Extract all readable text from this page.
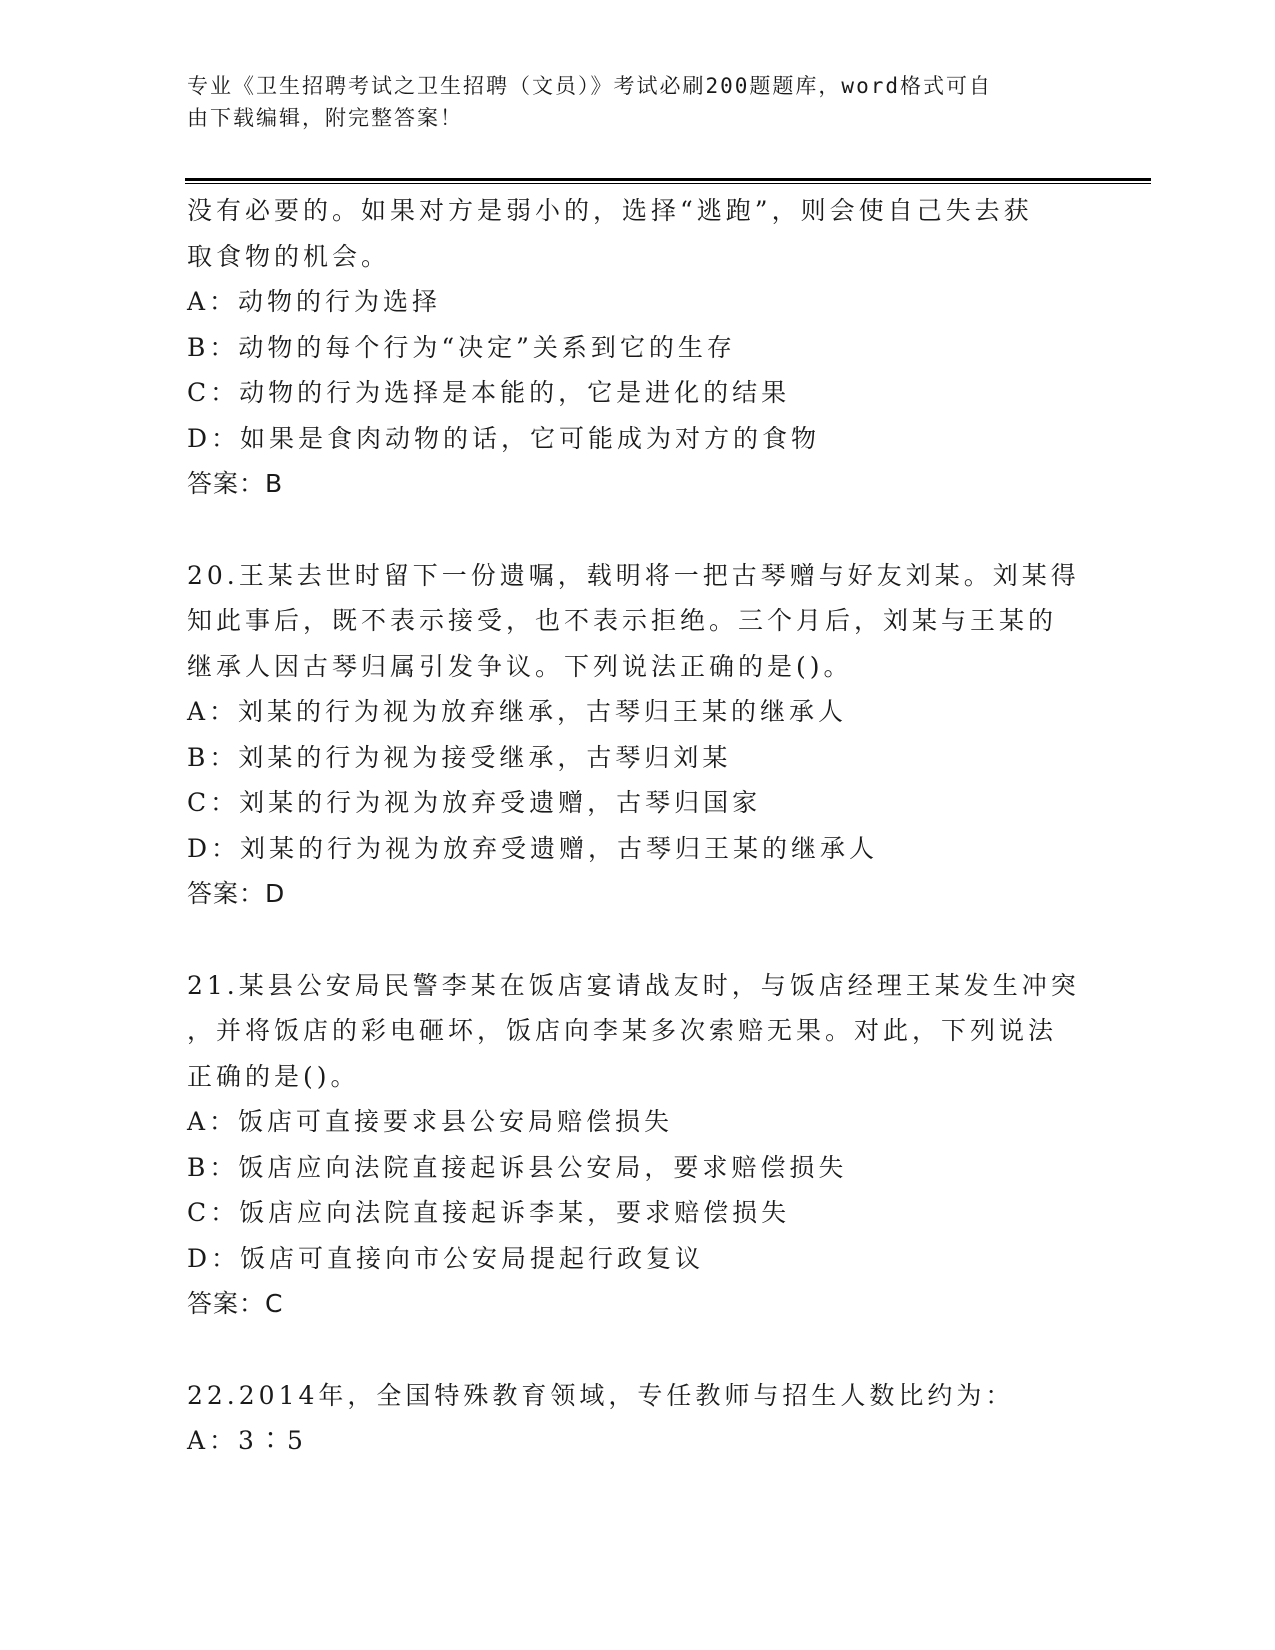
专业《卫生招聘考试之卫生招聘（文员）》考试必刷200题题库，word格式可自
由下载编辑，附完整答案！
没有必要的。如果对方是弱小的，选择“逃跑”，则会使自己失去获
取食物的机会。
A：动物的行为选择
B：动物的每个行为“决定”关系到它的生存
C：动物的行为选择是本能的，它是进化的结果
D：如果是食肉动物的话，它可能成为对方的食物
答案：B
20.王某去世时留下一份遗嘱，载明将一把古琴赠与好友刘某。刘某得
知此事后，既不表示接受，也不表示拒绝。三个月后，刘某与王某的
继承人因古琴归属引发争议。下列说法正确的是()。
A：刘某的行为视为放弃继承，古琴归王某的继承人
B：刘某的行为视为接受继承，古琴归刘某
C：刘某的行为视为放弃受遗赠，古琴归国家
D：刘某的行为视为放弃受遗赠，古琴归王某的继承人
答案：D
21.某县公安局民警李某在饭店宴请战友时，与饭店经理王某发生冲突
，并将饭店的彩电砸坏，饭店向李某多次索赔无果。对此，下列说法
正确的是()。
A：饭店可直接要求县公安局赔偿损失
B：饭店应向法院直接起诉县公安局，要求赔偿损失
C：饭店应向法院直接起诉李某，要求赔偿损失
D：饭店可直接向市公安局提起行政复议
答案：C
22.2014年，全国特殊教育领域，专任教师与招生人数比约为：
A：3∶5
